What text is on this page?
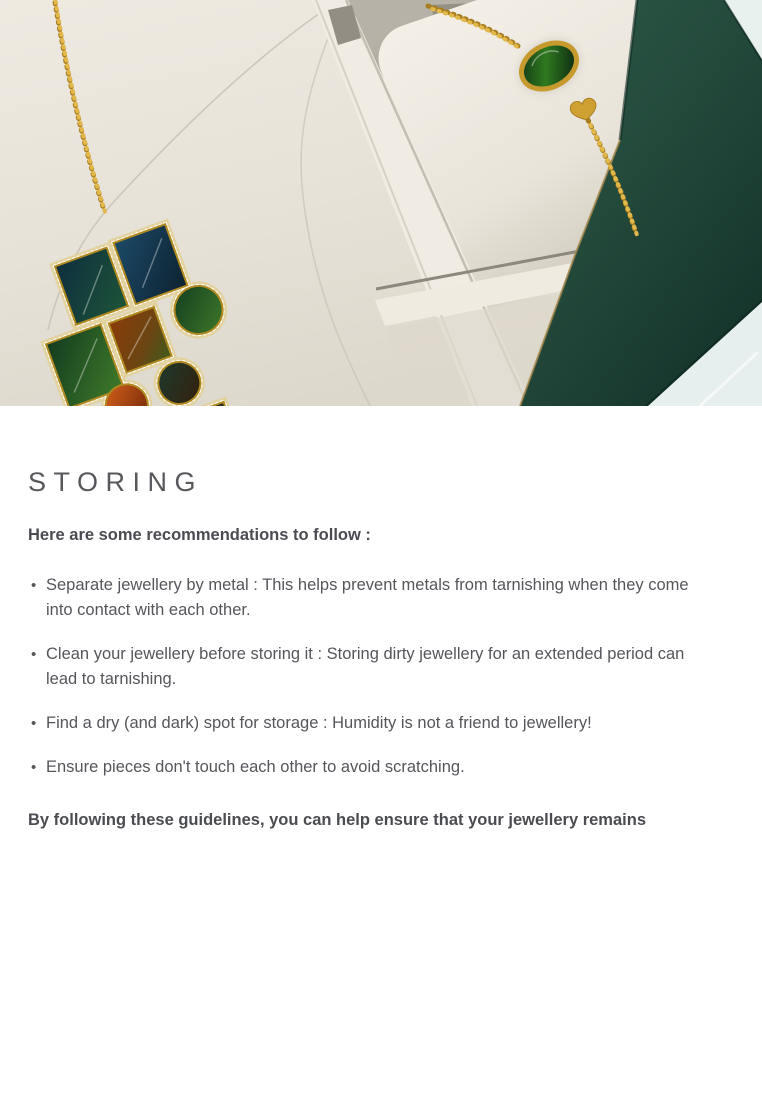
STORING

Here are some recommendations to follow :

• Separate jewellery by metal : This helps prevent metals from tarnishing when they come into contact with each other.
• Clean your jewellery before storing it : Storing dirty jewellery for an extended period can lead to tarnishing.
• Find a dry (and dark) spot for storage : Humidity is not a friend to jewellery!
• Ensure pieces don't touch each other to avoid scratching.

By following these guidelines, you can help ensure that your jewellery remains
